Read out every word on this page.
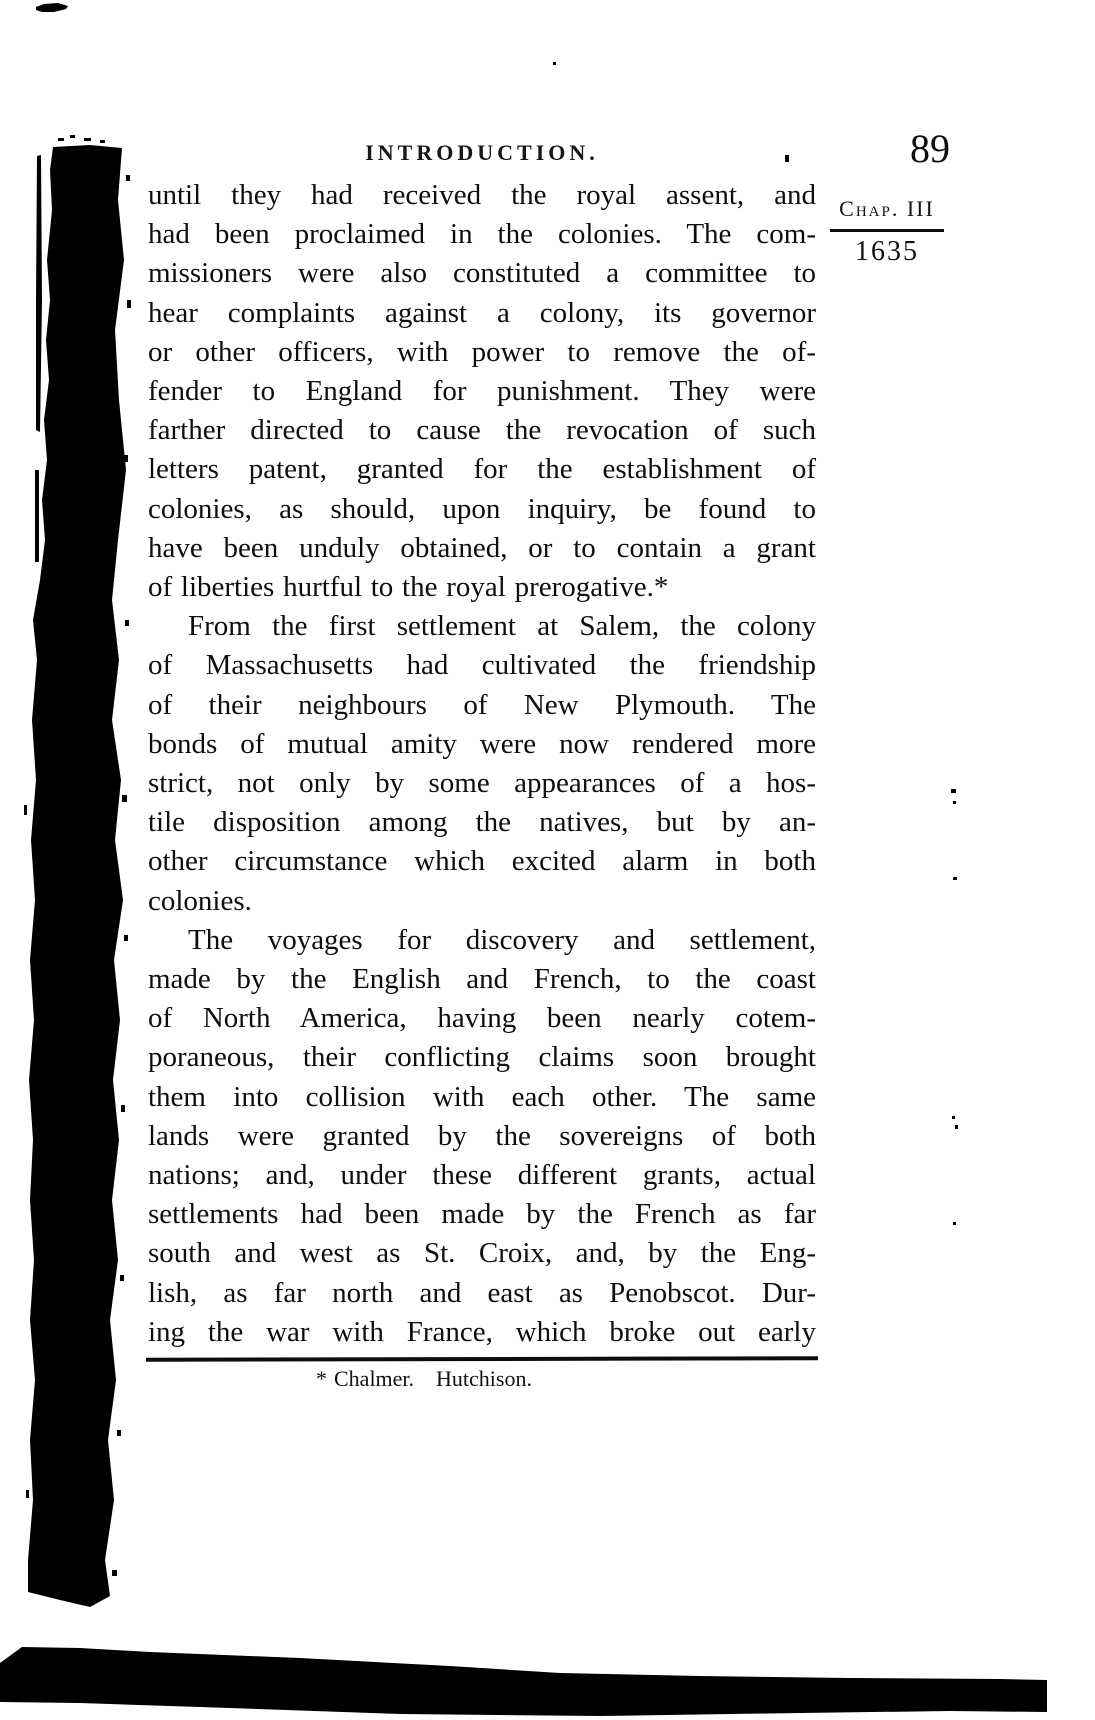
INTRODUCTION.	89
Chap. III
1635
until they had received the royal assent, and
had been proclaimed in the colonies. The com-
missioners were also constituted a committee to
hear complaints against a colony, its governor
or other officers, with power to remove the of-
fender to England for punishment. They were
farther directed to cause the revocation of such
letters patent, granted for the establishment of
colonies, as should, upon inquiry, be found to
have been unduly obtained, or to contain a grant
of liberties hurtful to the royal prerogative.*
From the first settlement at Salem, the colony
of Massachusetts had cultivated the friendship
of their neighbours of New Plymouth. The
bonds of mutual amity were now rendered more
strict, not only by some appearances of a hos-
tile disposition among the natives, but by an-
other circumstance which excited alarm in both
colonies.
The voyages for discovery and settlement,
made by the English and French, to the coast
of North America, having been nearly cotem-
poraneous, their conflicting claims soon brought
them into collision with each other. The same
lands were granted by the sovereigns of both
nations; and, under these different grants, actual
settlements had been made by the French as far
south and west as St. Croix, and, by the Eng-
lish, as far north and east as Penobscot. Dur-
ing the war with France, which broke out early
* Chalmer. Hutchison.
